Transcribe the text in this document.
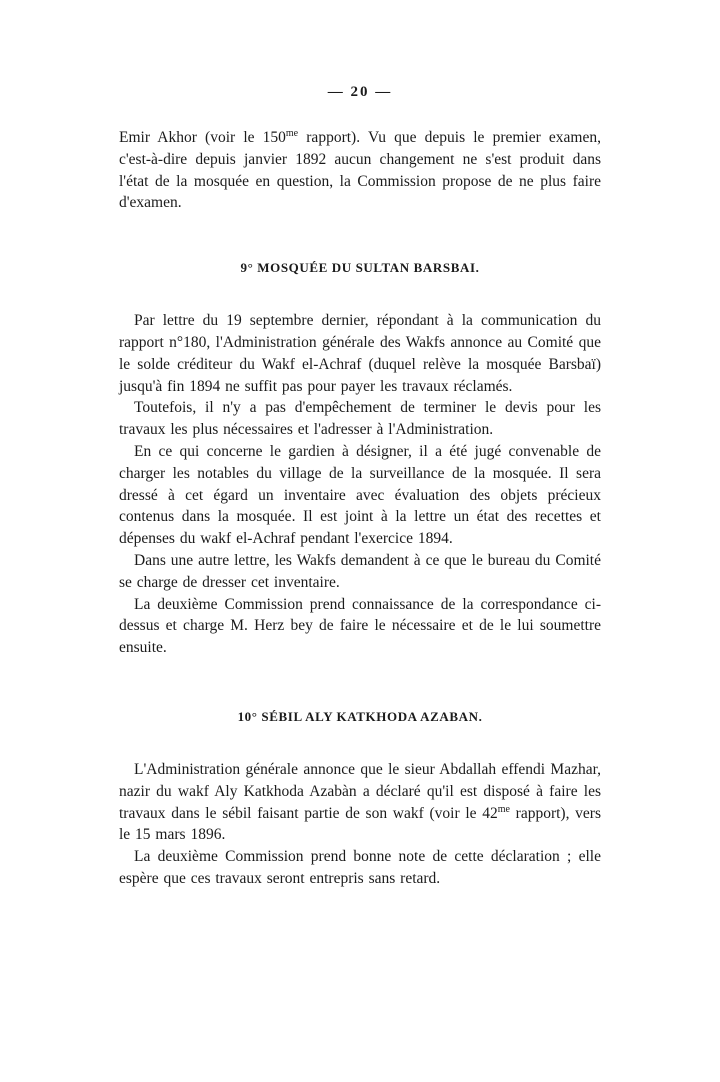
— 20 —

Emir Akhor (voir le $150^{me}$ rapport). Vu que depuis le premier examen, c'est-à-dire depuis janvier 1892 aucun changement ne s'est produit dans l'état de la mosquée en question, la Commission propose de ne plus faire d'examen.

9° MOSQUÉE DU SULTAN BARSBAI.

Par lettre du 19 septembre dernier, répondant à la communication du rapport n°180, l'Administration générale des Wakfs annonce au Comité que le solde créditeur du Wakf el-Achraf (duquel relève la mosquée Barsbaï) jusqu'à fin 1894 ne suffit pas pour payer les travaux réclamés.

Toutefois, il n'y a pas d'empêchement de terminer le devis pour les travaux les plus nécessaires et l'adresser à l'Administration.

En ce qui concerne le gardien à désigner, il a été jugé convenable de charger les notables du village de la surveillance de la mosquée. Il sera dressé à cet égard un inventaire avec évaluation des objets précieux contenus dans la mosquée. Il est joint à la lettre un état des recettes et dépenses du wakf el-Achraf pendant l'exercice 1894.

Dans une autre lettre, les Wakfs demandent à ce que le bureau du Comité se charge de dresser cet inventaire.

La deuxième Commission prend connaissance de la correspondance ci-dessus et charge M. Herz bey de faire le nécessaire et de le lui soumettre ensuite.

10° SÉBIL ALY KATKHODA AZABAN.

L'Administration générale annonce que le sieur Abdallah effendi Mazhar, nazir du wakf Aly Katkhoda Azabàn a déclaré qu'il est disposé à faire les travaux dans le sébil faisant partie de son wakf (voir le $42^{me}$ rapport), vers le 15 mars 1896.

La deuxième Commission prend bonne note de cette déclaration ; elle espère que ces travaux seront entrepris sans retard.
